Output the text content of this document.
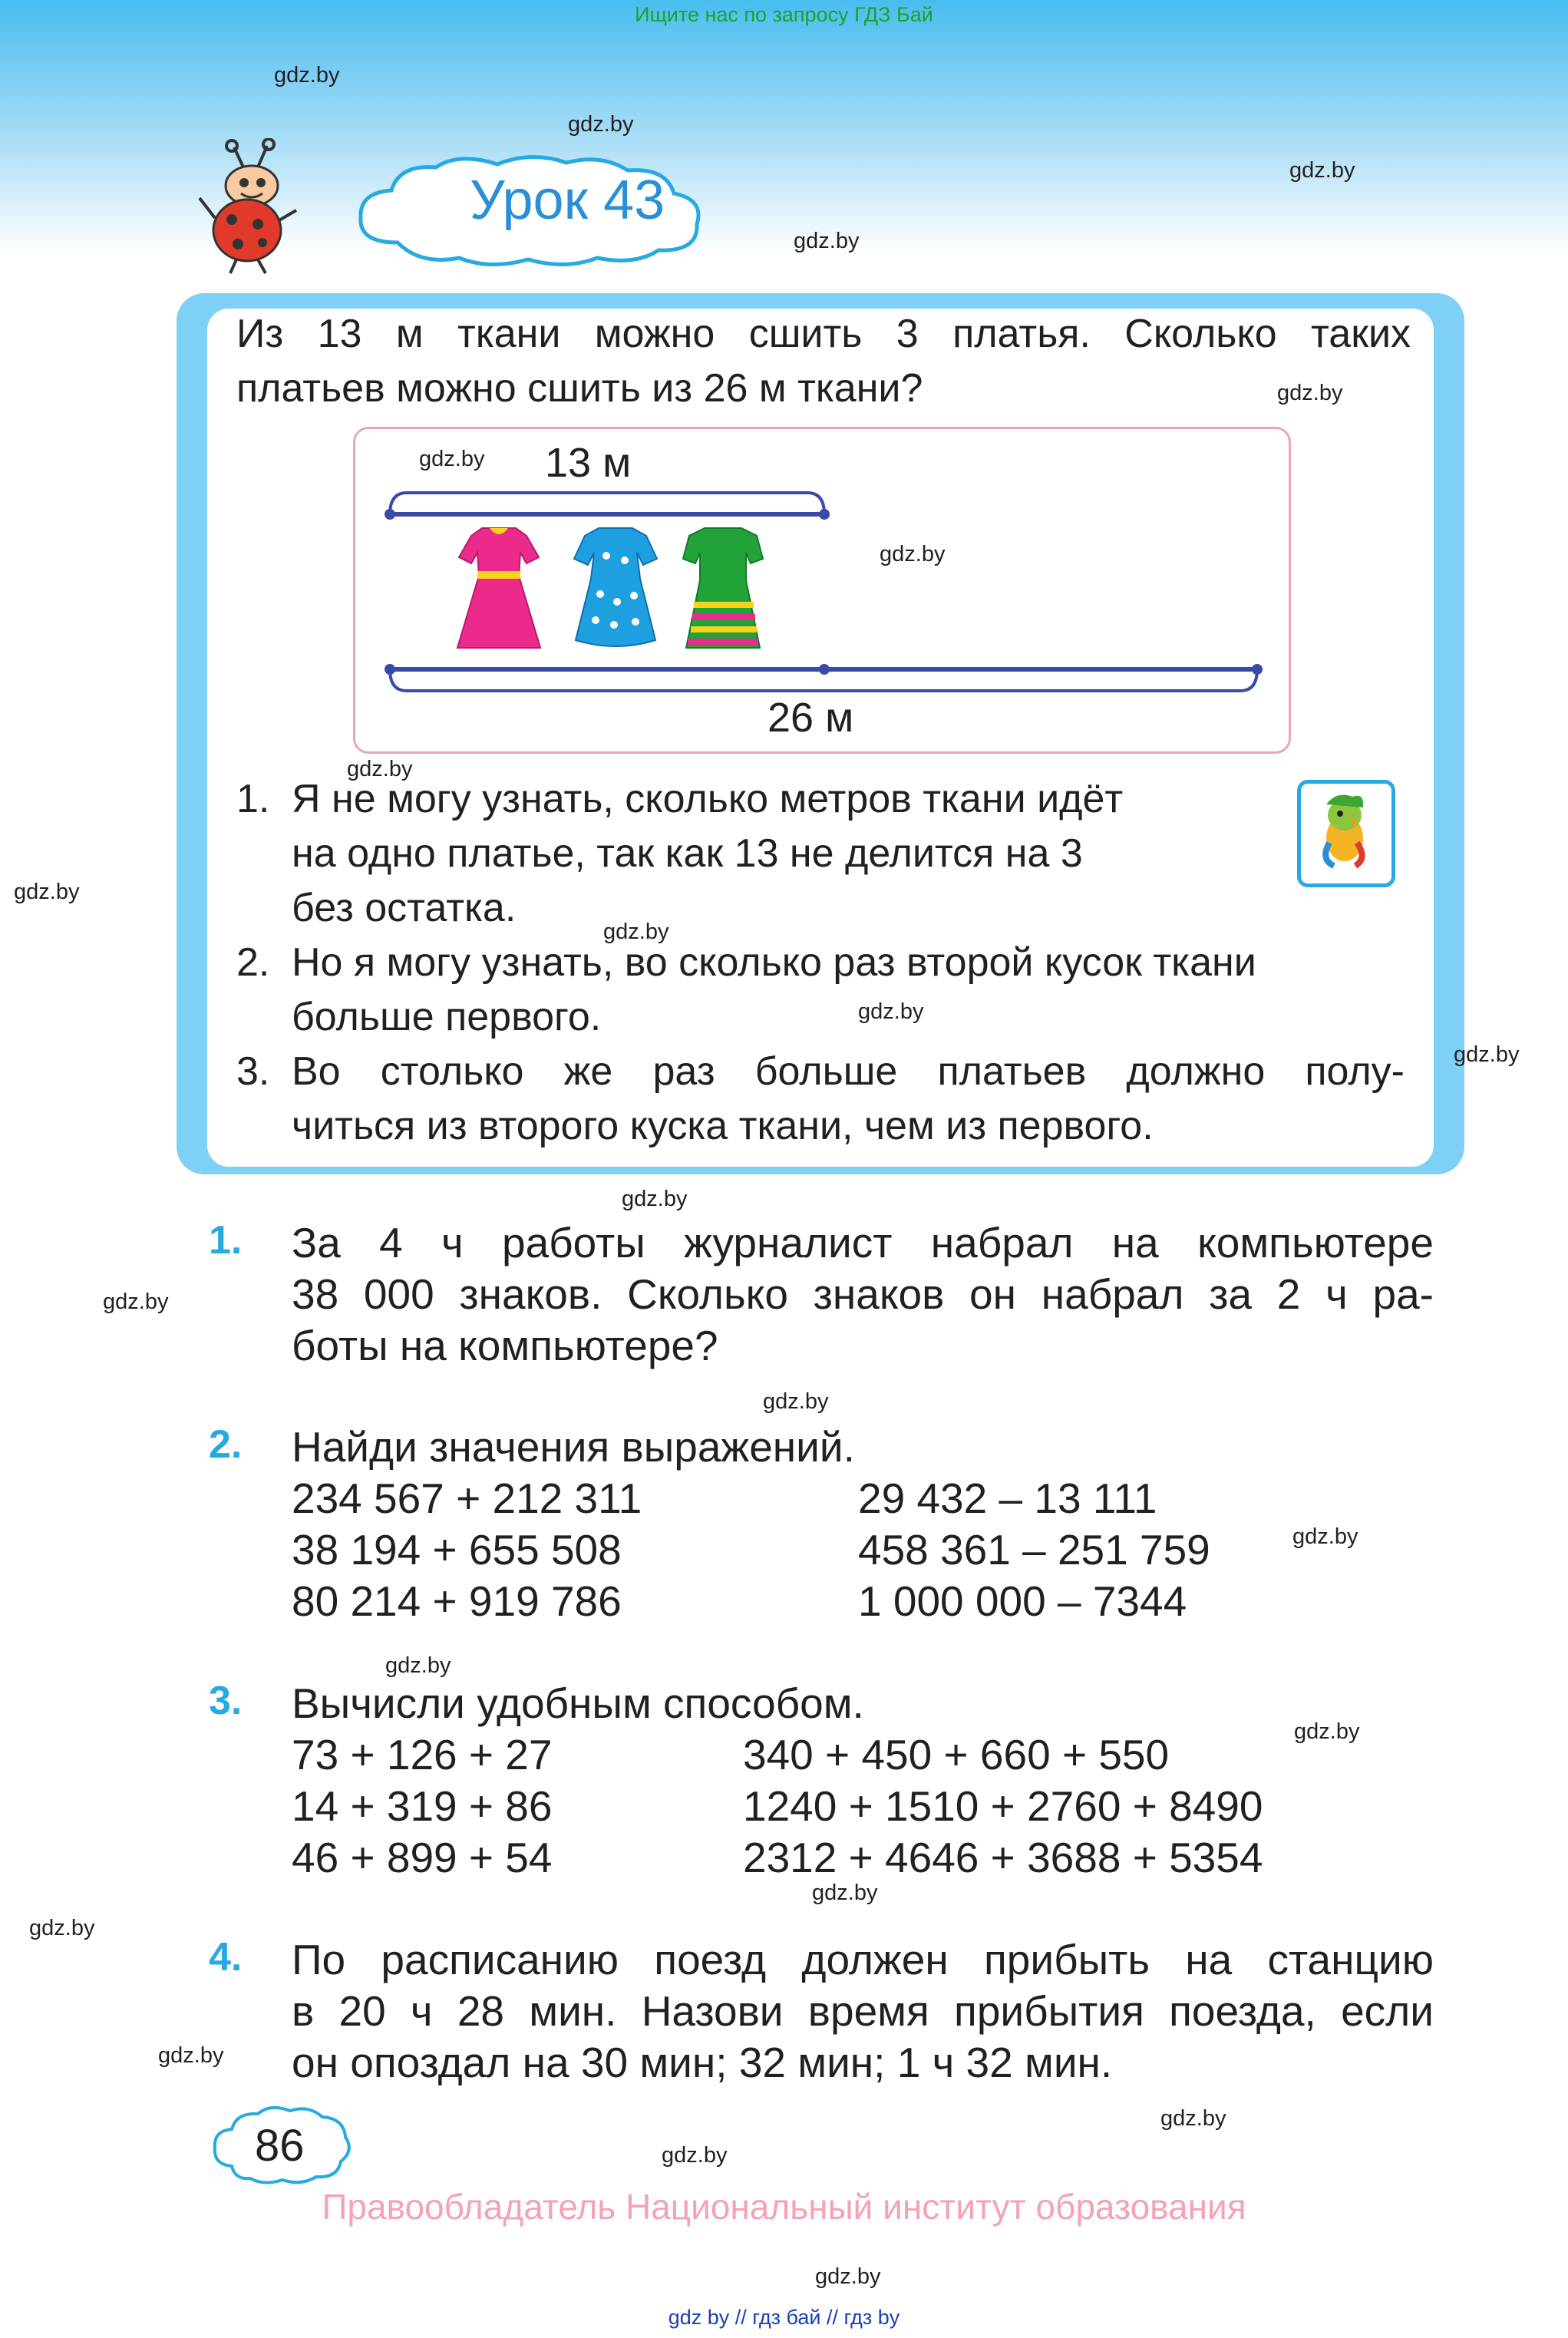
Ищите нас по запросу ГДЗ Бай
Урок 43
Из 13 м ткани можно сшить 3 платья. Сколько таких
платьев можно сшить из 26 м ткани?
13 м
26 м
1. Я не могу узнать, сколько метров ткани идёт
на одно платье, так как 13 не делится на 3
без остатка.
2. Но я могу узнать, во сколько раз второй кусок ткани
больше первого.
3. Во столько же раз больше платьев должно полу-
читься из второго куска ткани, чем из первого.
1. За 4 ч работы журналист набрал на компьютере
38 000 знаков. Сколько знаков он набрал за 2 ч ра-
боты на компьютере?
2. Найди значения выражений.
234 567 + 212 311
38 194 + 655 508
80 214 + 919 786
29 432 – 13 111
458 361 – 251 759
1 000 000 – 7344
3. Вычисли удобным способом.
73 + 126 + 27
14 + 319 + 86
46 + 899 + 54
340 + 450 + 660 + 550
1240 + 1510 + 2760 + 8490
2312 + 4646 + 3688 + 5354
4. По расписанию поезд должен прибыть на станцию
в 20 ч 28 мин. Назови время прибытия поезда, если
он опоздал на 30 мин; 32 мин; 1 ч 32 мин.
86
Правообладатель Национальный институт образования
gdz by // гдз бай // гдз by
gdz.by
gdz.by
gdz.by
gdz.by
gdz.by
gdz.by
gdz.by
gdz.by
gdz.by
gdz.by
gdz.by
gdz.by
gdz.by
gdz.by
gdz.by
gdz.by
gdz.by
gdz.by
gdz.by
gdz.by
gdz.by
gdz.by
gdz.by
gdz.by
